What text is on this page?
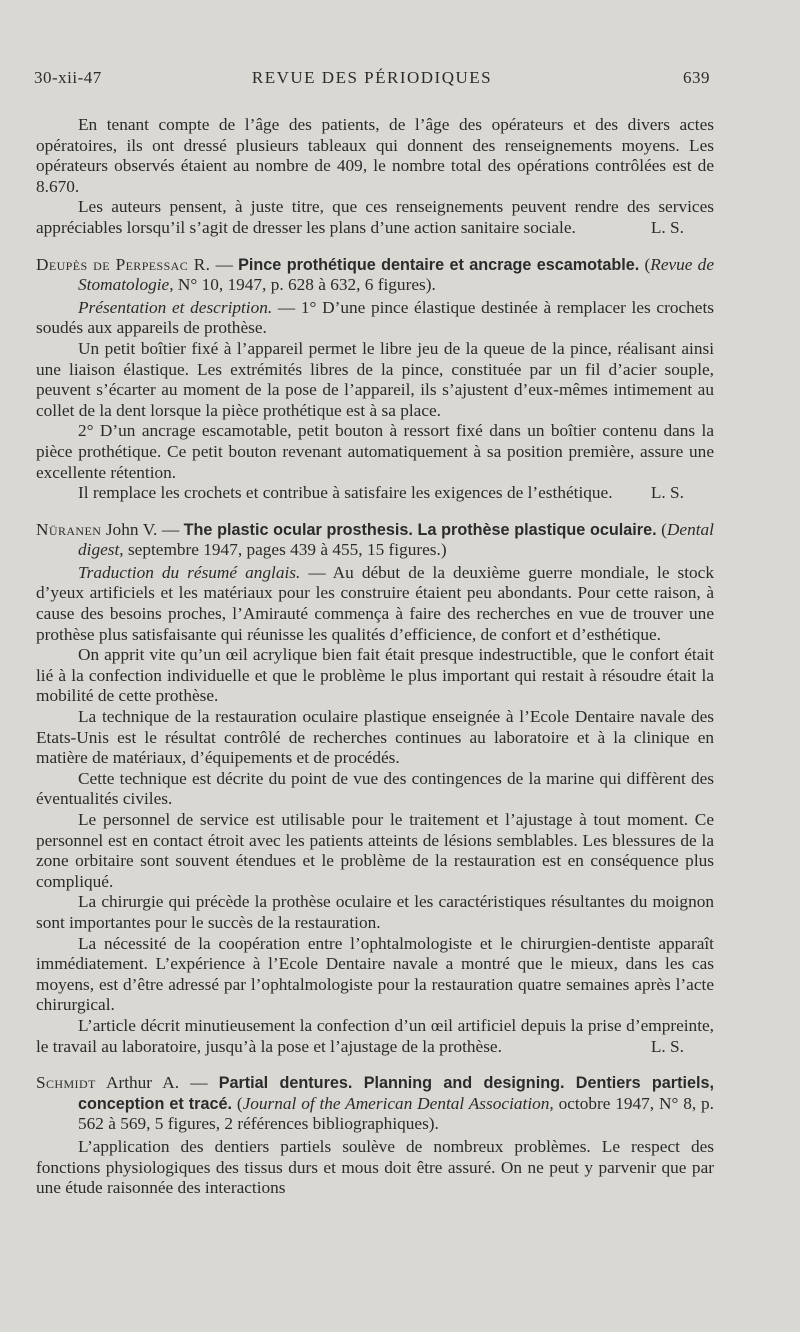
30-xii-47	REVUE DES PÉRIODIQUES	639

En tenant compte de l’âge des patients, de l’âge des opérateurs et des divers actes opératoires, ils ont dressé plusieurs tableaux qui donnent des renseignements moyens. Les opérateurs observés étaient au nombre de 409, le nombre total des opérations contrôlées est de 8.670.

Les auteurs pensent, à juste titre, que ces renseignements peuvent rendre des services appréciables lorsqu’il s’agit de dresser les plans d’une action sanitaire sociale.	L. S.
Deupès de Perpessac R. — Pince prothétique dentaire et ancrage escamotable. (Revue de Stomatologie, N° 10, 1947, p. 628 à 632, 6 figures).

Présentation et description. — 1° D’une pince élastique destinée à remplacer les crochets soudés aux appareils de prothèse.

Un petit boîtier fixé à l’appareil permet le libre jeu de la queue de la pince, réalisant ainsi une liaison élastique. Les extrémités libres de la pince, constituée par un fil d’acier souple, peuvent s’écarter au moment de la pose de l’appareil, ils s’ajustent d’eux-mêmes intimement au collet de la dent lorsque la pièce prothétique est à sa place.

2° D’un ancrage escamotable, petit bouton à ressort fixé dans un boîtier contenu dans la pièce prothétique. Ce petit bouton revenant automatiquement à sa position première, assure une excellente rétention.

Il remplace les crochets et contribue à satisfaire les exigences de l’esthétique.	L. S.
Nüranen John V. — The plastic ocular prosthesis. La prothèse plastique oculaire. (Dental digest, septembre 1947, pages 439 à 455, 15 figures.)

Traduction du résumé anglais. — Au début de la deuxième guerre mondiale, le stock d’yeux artificiels et les matériaux pour les construire étaient peu abondants. Pour cette raison, à cause des besoins proches, l’Amirauté commença à faire des recherches en vue de trouver une prothèse plus satisfaisante qui réunisse les qualités d’efficience, de confort et d’esthétique.

On apprit vite qu’un œil acrylique bien fait était presque indestructible, que le confort était lié à la confection individuelle et que le problème le plus important qui restait à résoudre était la mobilité de cette prothèse.

La technique de la restauration oculaire plastique enseignée à l’Ecole Dentaire navale des Etats-Unis est le résultat contrôlé de recherches continues au laboratoire et à la clinique en matière de matériaux, d’équipements et de procédés.

Cette technique est décrite du point de vue des contingences de la marine qui diffèrent des éventualités civiles.

Le personnel de service est utilisable pour le traitement et l’ajustage à tout moment. Ce personnel est en contact étroit avec les patients atteints de lésions semblables. Les blessures de la zone orbitaire sont souvent étendues et le problème de la restauration est en conséquence plus compliqué.

La chirurgie qui précède la prothèse oculaire et les caractéristiques résultantes du moignon sont importantes pour le succès de la restauration.

La nécessité de la coopération entre l’ophtalmologiste et le chirurgien-dentiste apparaît immédiatement. L’expérience à l’Ecole Dentaire navale a montré que le mieux, dans les cas moyens, est d’être adressé par l’ophtalmologiste pour la restauration quatre semaines après l’acte chirurgical.

L’article décrit minutieusement la confection d’un œil artificiel depuis la prise d’empreinte, le travail au laboratoire, jusqu’à la pose et l’ajustage de la prothèse.	L. S.
Schmidt Arthur A. — Partial dentures. Planning and designing. Dentiers partiels, conception et tracé. (Journal of the American Dental Association, octobre 1947, N° 8, p. 562 à 569, 5 figures, 2 références bibliographiques).

L’application des dentiers partiels soulève de nombreux problèmes. Le respect des fonctions physiologiques des tissus durs et mous doit être assuré. On ne peut y parvenir que par une étude raisonnée des interactions
